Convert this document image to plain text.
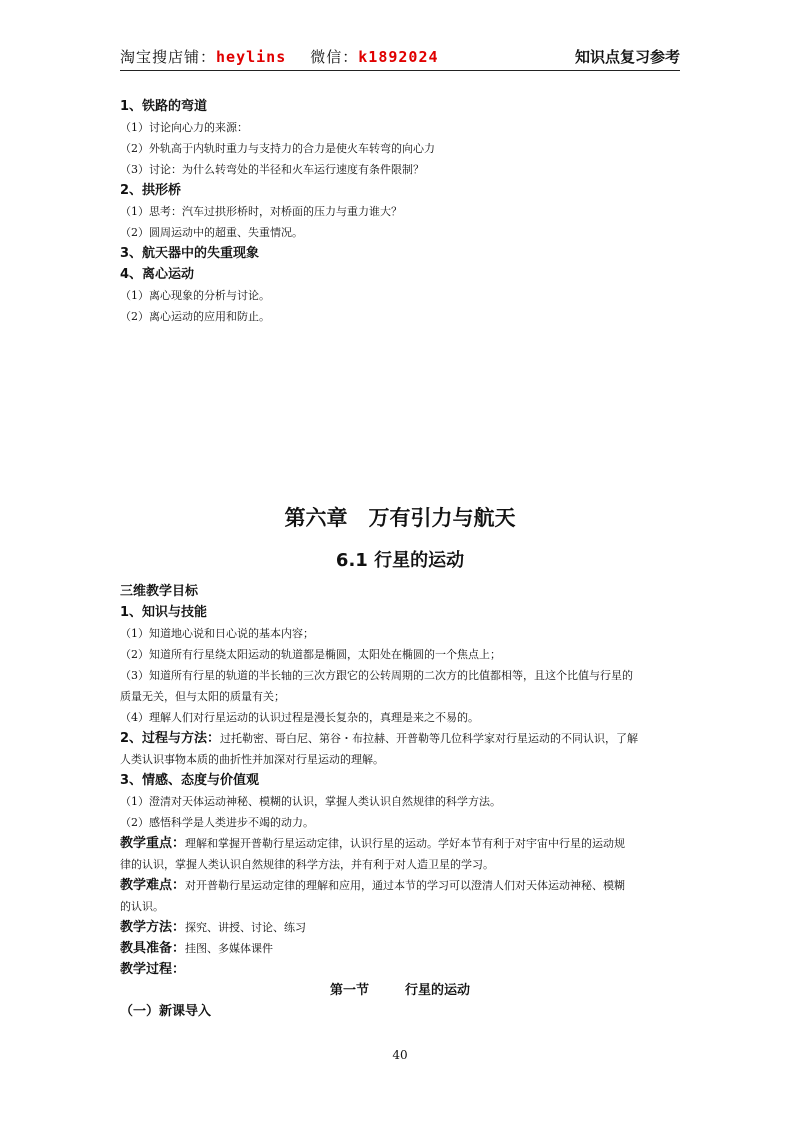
淘宝搜店铺：heylins 微信：k1892024	知识点复习参考

1、铁路的弯道

（1）讨论向心力的来源：

（2）外轨高于内轨时重力与支持力的合力是使火车转弯的向心力

（3）讨论：为什么转弯处的半径和火车运行速度有条件限制？

2、拱形桥

（1）思考：汽车过拱形桥时，对桥面的压力与重力谁大？

（2）圆周运动中的超重、失重情况。

3、航天器中的失重现象

4、离心运动

（1）离心现象的分析与讨论。

（2）离心运动的应用和防止。

第六章　万有引力与航天
6.1 行星的运动

三维教学目标

1、知识与技能

（1）知道地心说和日心说的基本内容；

（2）知道所有行星绕太阳运动的轨道都是椭圆，太阳处在椭圆的一个焦点上；

（3）知道所有行星的轨道的半长轴的三次方跟它的公转周期的二次方的比值都相等，且这个比值与行星的

质量无关，但与太阳的质量有关；

（4）理解人们对行星运动的认识过程是漫长复杂的，真理是来之不易的。

2、过程与方法：过托勒密、哥白尼、第谷・布拉赫、开普勒等几位科学家对行星运动的不同认识，了解

人类认识事物本质的曲折性并加深对行星运动的理解。

3、情感、态度与价值观

（1）澄清对天体运动神秘、模糊的认识，掌握人类认识自然规律的科学方法。

（2）感悟科学是人类进步不竭的动力。

教学重点：理解和掌握开普勒行星运动定律，认识行星的运动。学好本节有利于对宇宙中行星的运动规

律的认识，掌握人类认识自然规律的科学方法，并有利于对人造卫星的学习。

教学难点：对开普勒行星运动定律的理解和应用，通过本节的学习可以澄清人们对天体运动神秘、模糊

的认识。

教学方法：探究、讲授、讨论、练习

教具准备：挂图、多媒体课件

教学过程：

第一节	行星的运动

（一）新课导入

40
